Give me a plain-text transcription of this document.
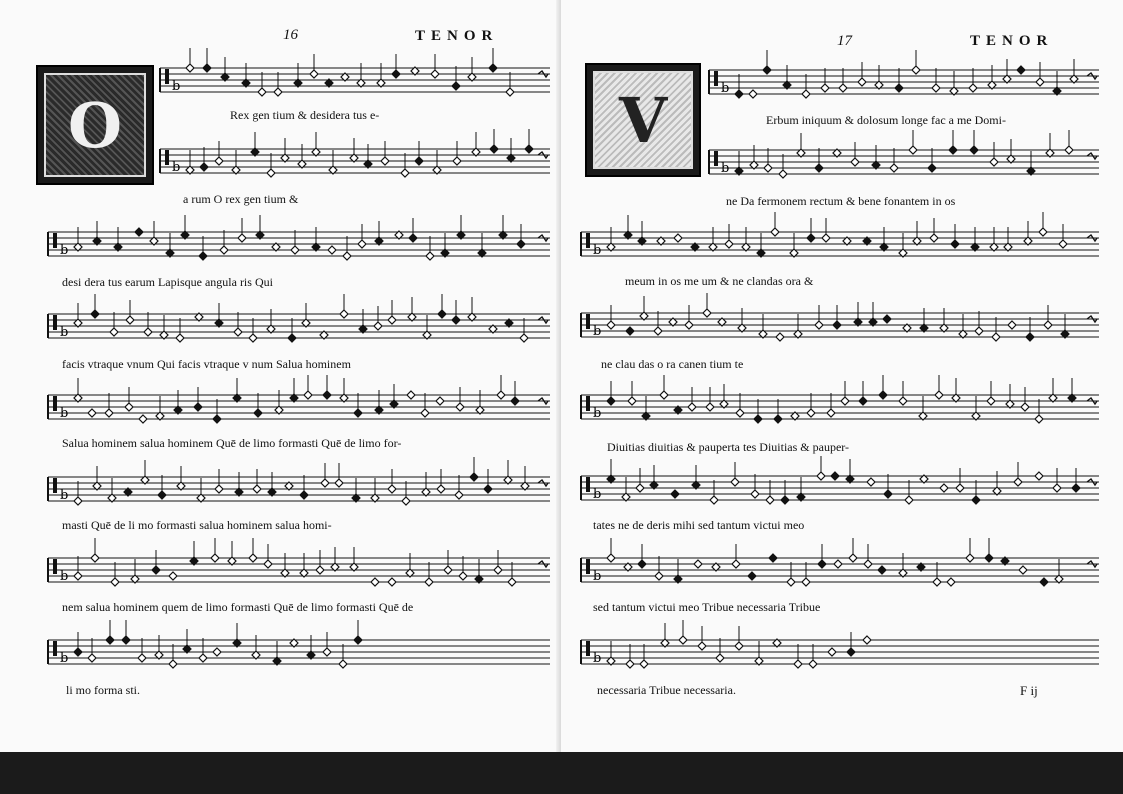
TENOR
16
O
b
b
b
b
b
b
b
b
Rex gen tium & desidera tus e-
a rum O rex gen tium &
desi dera tus earum Lapisque angula ris Qui
facis vtraque vnum Qui facis vtraque v num Salua hominem
Salua hominem salua hominem Quē de limo formasti Quē de limo for-
masti Quē de li mo formasti salua hominem salua homi-
nem salua hominem quem de limo formasti Quē de limo formasti Quē de
li mo forma sti.
17	TENOR
V	b
b
b
b
b
b
b
b
Erbum iniquum & dolosum longe fac a me Domi-
ne Da fermonem rectum & bene fonantem in os
meum in os me um & ne clandas ora &
ne clau das o ra canen tium te
Diuitias diuitias & pauperta tes Diuitias & pauper-
tates ne de deris mihi sed tantum victui meo
sed tantum victui meo Tribue necessaria Tribue
necessaria Tribue necessaria.	F ij
